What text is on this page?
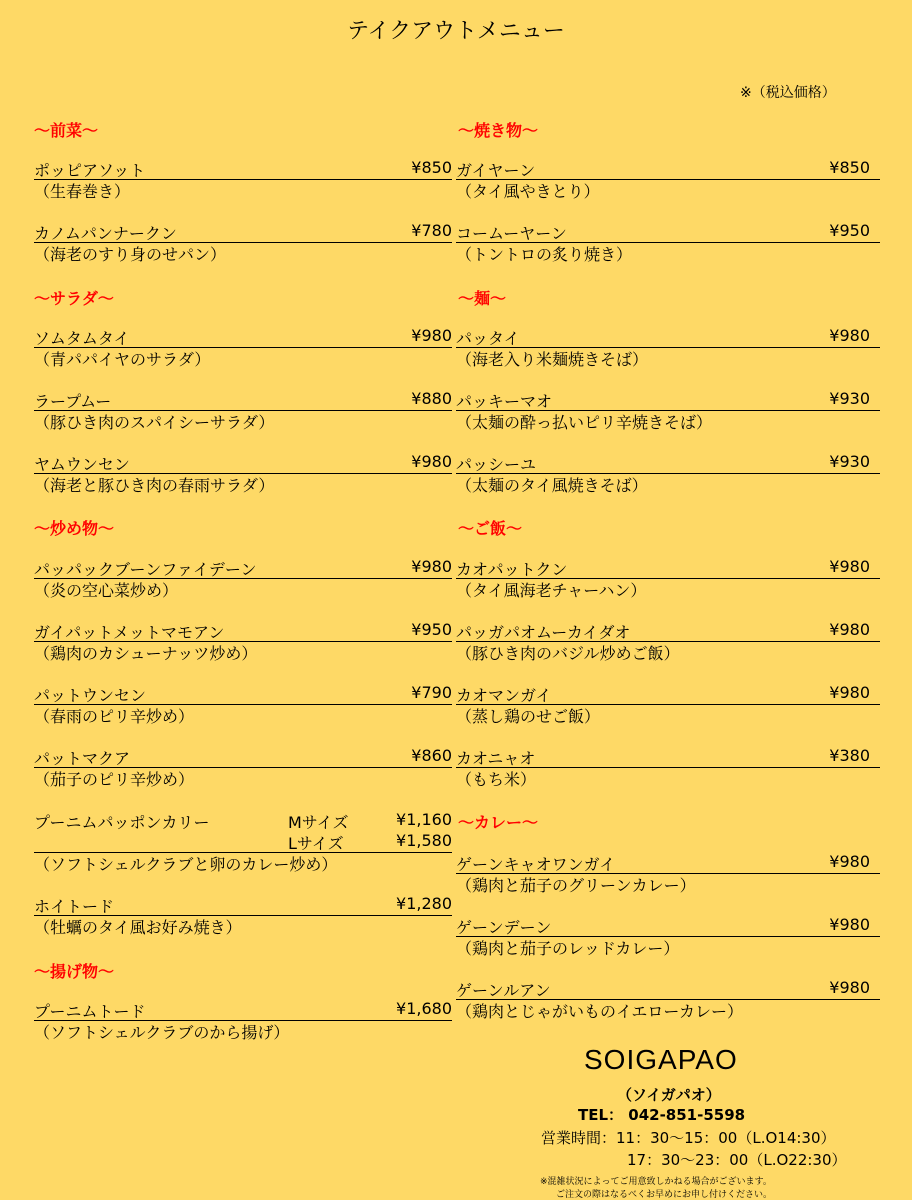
テイクアウトメニュー
※（税込価格）
～前菜～
ポッピアソット	¥850
（生春巻き）
カノムパンナークン	¥780
（海老のすり身のせパン）
～サラダ～
ソムタムタイ	¥980
（青パパイヤのサラダ）
ラープムー	¥880
（豚ひき肉のスパイシーサラダ）
ヤムウンセン	¥980
（海老と豚ひき肉の春雨サラダ）
～炒め物～
パッパックブーンファイデーン	¥980
（炎の空心菜炒め）
ガイパットメットマモアン	¥950
（鶏肉のカシューナッツ炒め）
パットウンセン	¥790
（春雨のピリ辛炒め）
パットマクア	¥860
（茄子のピリ辛炒め）
プーニムパッポンカリー	Mサイズ	¥1,160
Lサイズ	¥1,580
（ソフトシェルクラブと卵のカレー炒め）
ホイトード	¥1,280
（牡蠣のタイ風お好み焼き）
～揚げ物～
プーニムトード	¥1,680
（ソフトシェルクラブのから揚げ）
～焼き物～
ガイヤーン	¥850
（タイ風やきとり）
コームーヤーン	¥950
（トントロの炙り焼き）
～麺～
パッタイ	¥980
（海老入り米麺焼きそば）
パッキーマオ	¥930
（太麺の酔っ払いピリ辛焼きそば）
パッシーユ	¥930
（太麺のタイ風焼きそば）
～ご飯～
カオパットクン	¥980
（タイ風海老チャーハン）
パッガパオムーカイダオ	¥980
（豚ひき肉のバジル炒めご飯）
カオマンガイ	¥980
（蒸し鶏のせご飯）
カオニャオ	¥380
（もち米）
～カレー～
ゲーンキャオワンガイ	¥980
（鶏肉と茄子のグリーンカレー）
ゲーンデーン	¥980
（鶏肉と茄子のレッドカレー）
ゲーンルアン	¥980
（鶏肉とじゃがいものイエローカレー）
SOIGAPAO
（ソイガパオ）
TEL： 042-851-5598
営業時間：11：30～15：00（L.O14:30）
17：30～23：00（L.O22:30）
※混雑状況によってご用意致しかねる場合がございます。
ご注文の際はなるべくお早めにお申し付けください。
